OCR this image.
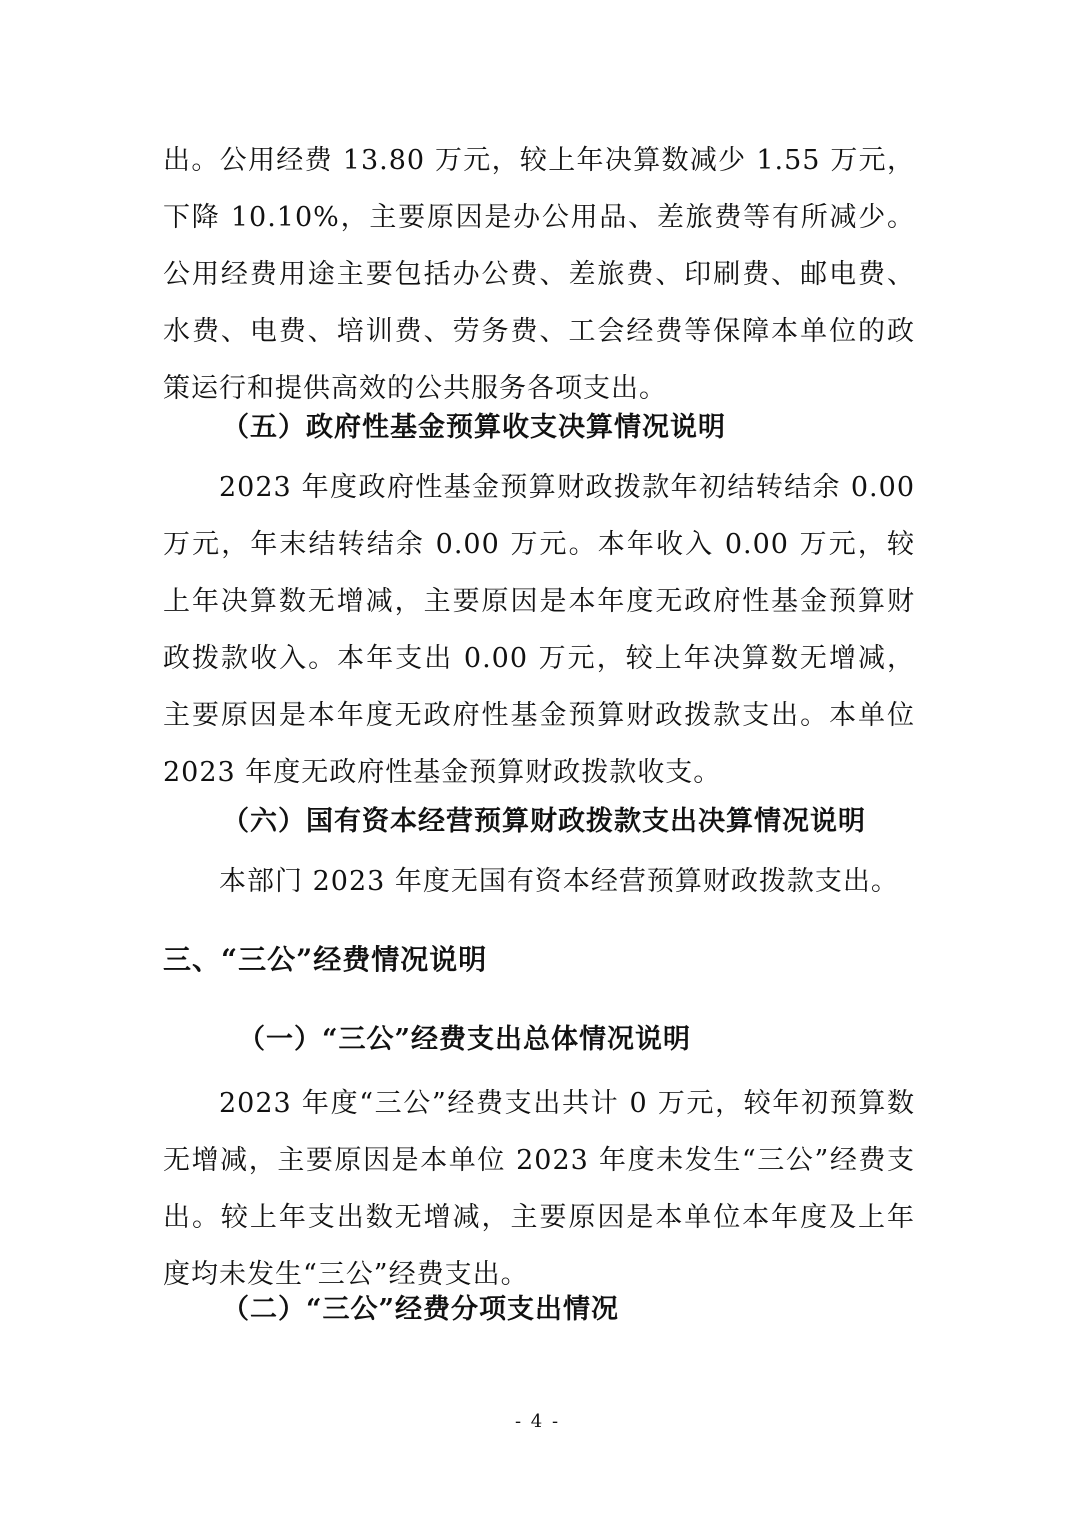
出。公用经费 13.80 万元，较上年决算数减少 1.55 万元，下降 10.10%，主要原因是办公用品、差旅费等有所减少。公用经费用途主要包括办公费、差旅费、印刷费、邮电费、水费、电费、培训费、劳务费、工会经费等保障本单位的政策运行和提供高效的公共服务各项支出。

（五）政府性基金预算收支决算情况说明

2023 年度政府性基金预算财政拨款年初结转结余 0.00 万元，年末结转结余 0.00 万元。本年收入 0.00 万元，较上年决算数无增减，主要原因是本年度无政府性基金预算财政拨款收入。本年支出 0.00 万元，较上年决算数无增减，主要原因是本年度无政府性基金预算财政拨款支出。本单位 2023 年度无政府性基金预算财政拨款收支。

（六）国有资本经营预算财政拨款支出决算情况说明

本部门 2023 年度无国有资本经营预算财政拨款支出。

三、“三公”经费情况说明
（一）“三公”经费支出总体情况说明

2023 年度“三公”经费支出共计 0 万元，较年初预算数无增减，主要原因是本单位 2023 年度未发生“三公”经费支出。较上年支出数无增减，主要原因是本单位本年度及上年度均未发生“三公”经费支出。

（二）“三公”经费分项支出情况
- 4 -
